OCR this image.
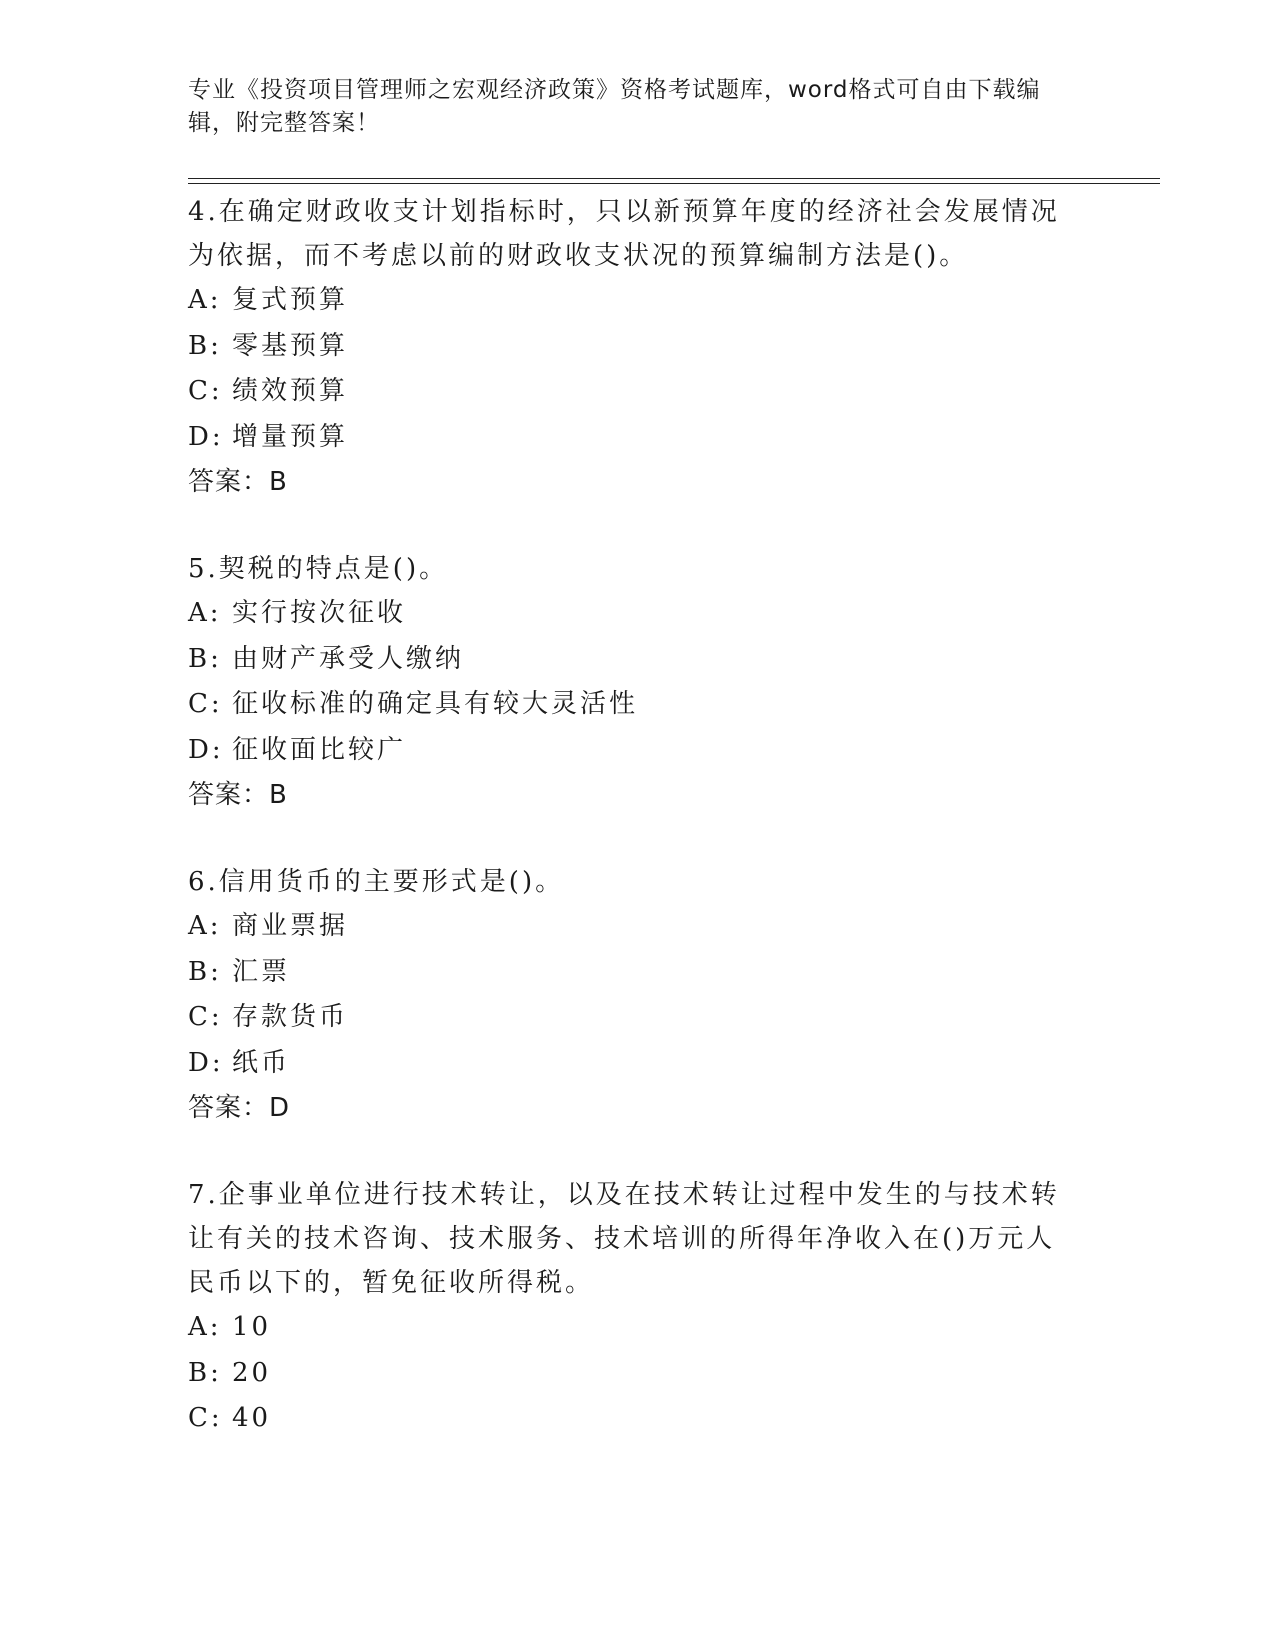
专业《投资项目管理师之宏观经济政策》资格考试题库，word格式可自由下载编
辑，附完整答案！
4.在确定财政收支计划指标时，只以新预算年度的经济社会发展情况为依据，而不考虑以前的财政收支状况的预算编制方法是()。
A: 复式预算
B: 零基预算
C: 绩效预算
D: 增量预算
答案：B
5.契税的特点是()。
A: 实行按次征收
B: 由财产承受人缴纳
C: 征收标准的确定具有较大灵活性
D: 征收面比较广
答案：B
6.信用货币的主要形式是()。
A: 商业票据
B: 汇票
C: 存款货币
D: 纸币
答案：D
7.企事业单位进行技术转让，以及在技术转让过程中发生的与技术转让有关的技术咨询、技术服务、技术培训的所得年净收入在()万元人民币以下的，暂免征收所得税。
A: 10
B: 20
C: 40
